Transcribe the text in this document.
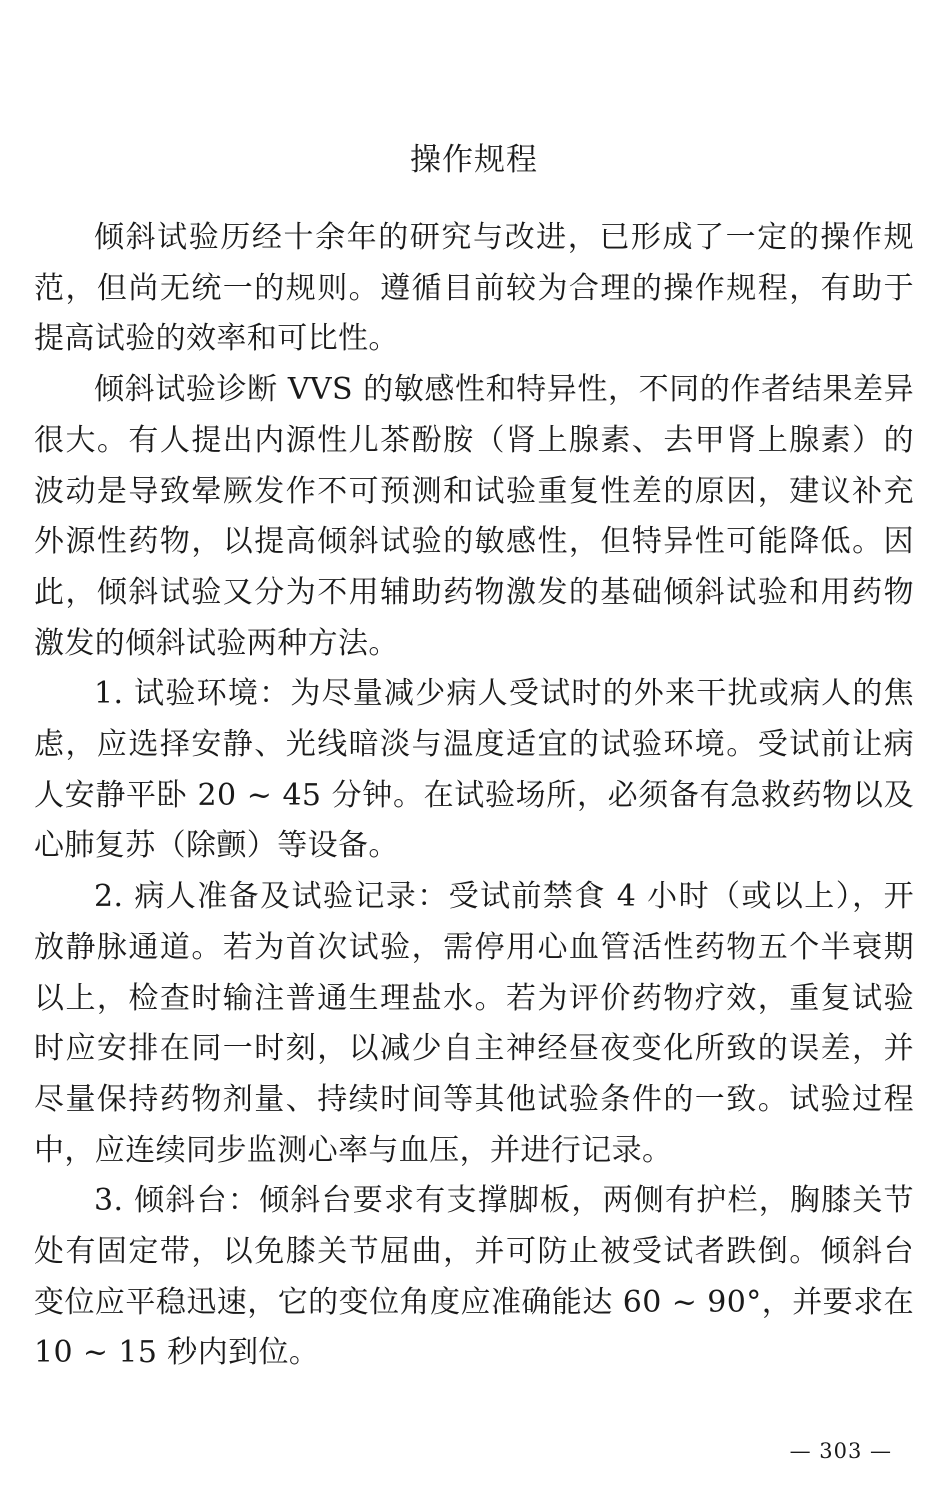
操作规程

倾斜试验历经十余年的研究与改进，已形成了一定的操作规范，但尚无统一的规则。遵循目前较为合理的操作规程，有助于提高试验的效率和可比性。

倾斜试验诊断 VVS 的敏感性和特异性，不同的作者结果差异很大。有人提出内源性儿茶酚胺（肾上腺素、去甲肾上腺素）的波动是导致晕厥发作不可预测和试验重复性差的原因，建议补充外源性药物，以提高倾斜试验的敏感性，但特异性可能降低。因此，倾斜试验又分为不用辅助药物激发的基础倾斜试验和用药物激发的倾斜试验两种方法。

1. 试验环境：为尽量减少病人受试时的外来干扰或病人的焦虑，应选择安静、光线暗淡与温度适宜的试验环境。受试前让病人安静平卧 20 ~ 45 分钟。在试验场所，必须备有急救药物以及心肺复苏（除颤）等设备。

2. 病人准备及试验记录：受试前禁食 4 小时（或以上），开放静脉通道。若为首次试验，需停用心血管活性药物五个半衰期以上，检查时输注普通生理盐水。若为评价药物疗效，重复试验时应安排在同一时刻，以减少自主神经昼夜变化所致的误差，并尽量保持药物剂量、持续时间等其他试验条件的一致。试验过程中，应连续同步监测心率与血压，并进行记录。

3. 倾斜台：倾斜台要求有支撑脚板，两侧有护栏，胸膝关节处有固定带，以免膝关节屈曲，并可防止被受试者跌倒。倾斜台变位应平稳迅速，它的变位角度应准确能达 60 ~ 90°，并要求在 10 ~ 15 秒内到位。

— 303 —
